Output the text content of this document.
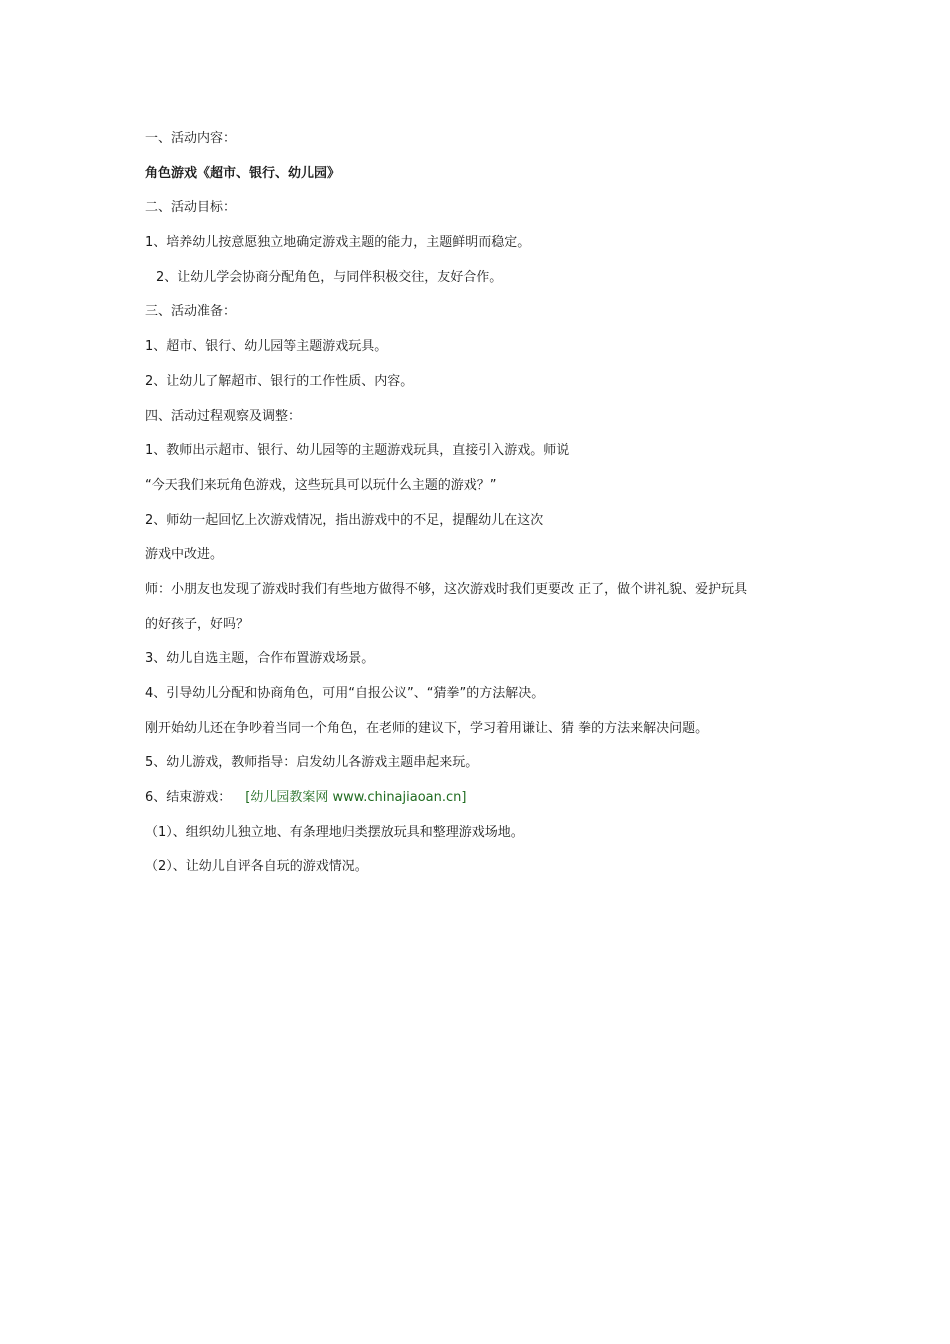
一、活动内容：

角色游戏《超市、银行、幼儿园》

二、活动目标：

1、培养幼儿按意愿独立地确定游戏主题的能力，主题鲜明而稳定。

2、让幼儿学会协商分配角色，与同伴积极交往，友好合作。

三、活动准备：

1、超市、银行、幼儿园等主题游戏玩具。

2、让幼儿了解超市、银行的工作性质、内容。

四、活动过程观察及调整：

1、教师出示超市、银行、幼儿园等的主题游戏玩具，直接引入游戏。师说

“今天我们来玩角色游戏，这些玩具可以玩什么主题的游戏？”

2、师幼一起回忆上次游戏情况，指出游戏中的不足，提醒幼儿在这次

游戏中改进。

师：小朋友也发现了游戏时我们有些地方做得不够，这次游戏时我们更要改 正了，做个讲礼貌、爱护玩具

的好孩子，好吗？

3、幼儿自选主题，合作布置游戏场景。

4、引导幼儿分配和协商角色，可用“自报公议”、“猜拳”的方法解决。

刚开始幼儿还在争吵着当同一个角色，在老师的建议下，学习着用谦让、猜 拳的方法来解决问题。

5、幼儿游戏，教师指导：启发幼儿各游戏主题串起来玩。

6、结束游戏： [幼儿园教案网 www.chinajiaoan.cn]

（1）、组织幼儿独立地、有条理地归类摆放玩具和整理游戏场地。

（2）、让幼儿自评各自玩的游戏情况。
